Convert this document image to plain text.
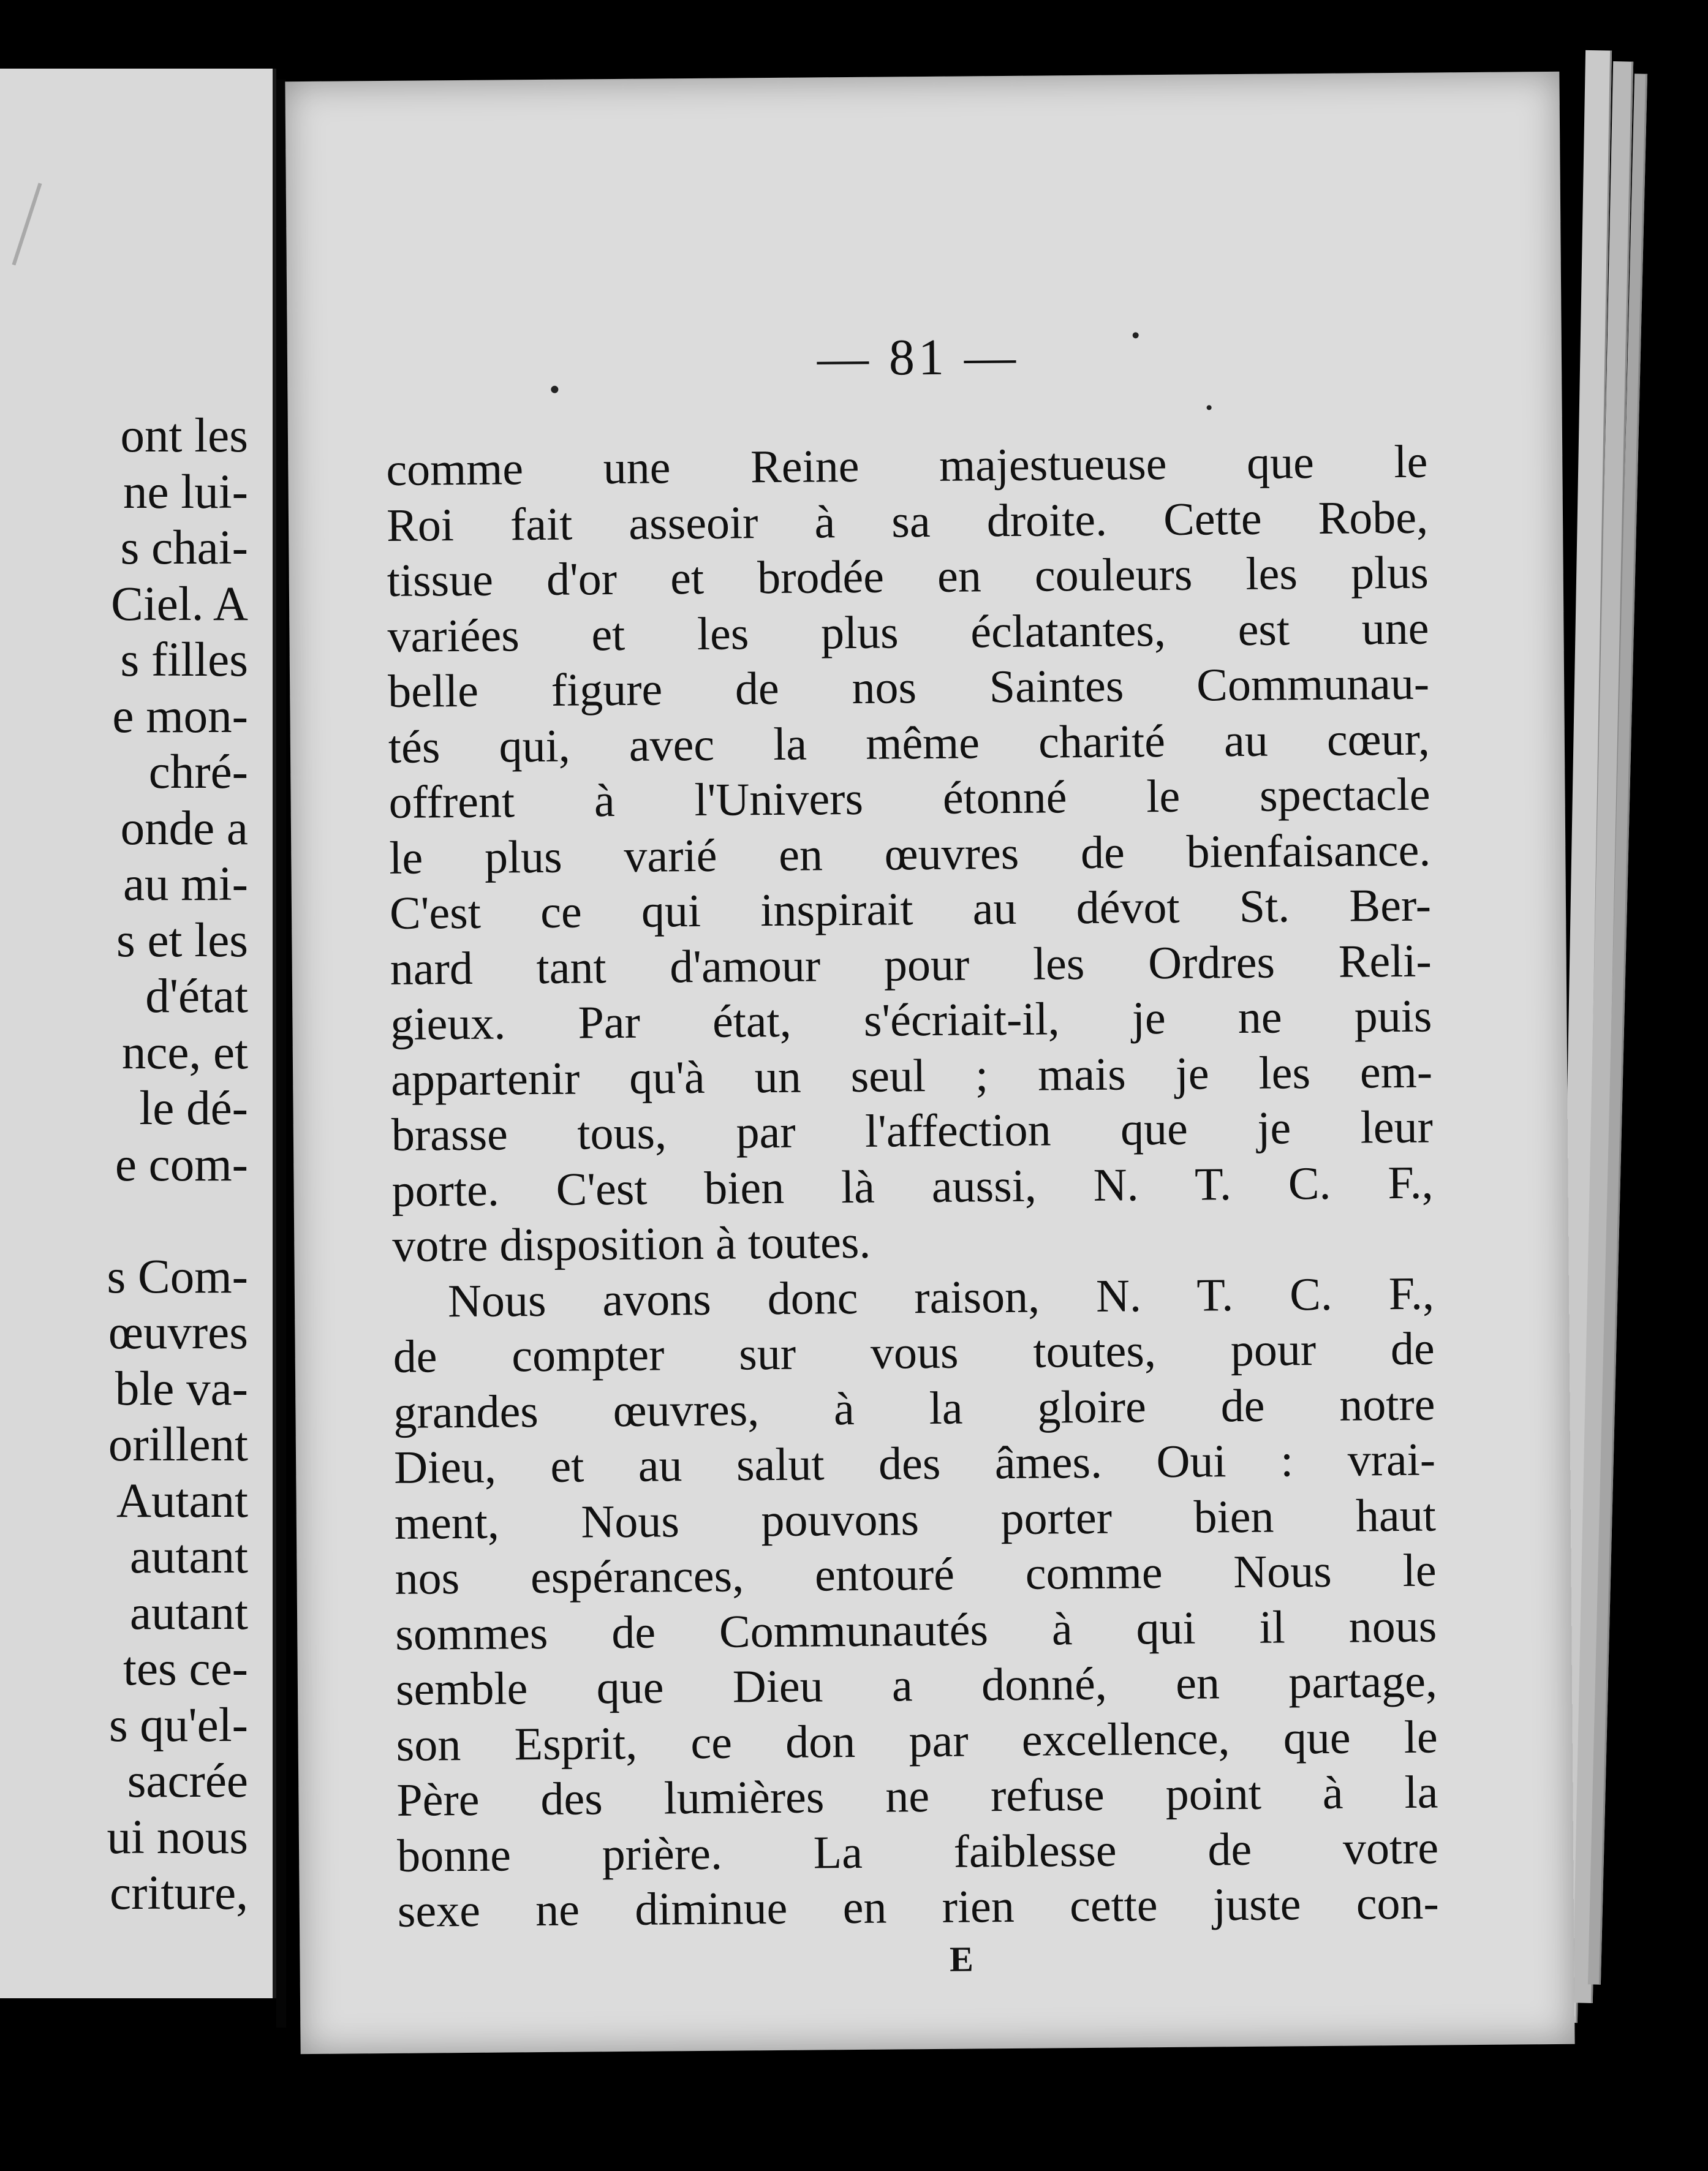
ont les
ne lui-
s chai-
Ciel. A
s filles
e mon-
chré-
onde a
au mi-
s et les
d'état
nce, et
le dé-
e com-
s Com-
œuvres
ble va-
orillent
Autant
autant
autant
tes ce-
s qu'el-
sacrée
ui nous
criture,
— 81 —
comme une Reine majestueuse que le
Roi fait asseoir à sa droite. Cette Robe,
tissue d'or et brodée en couleurs les plus
variées et les plus éclatantes, est une
belle figure de nos Saintes Communau-
tés qui, avec la même charité au cœur,
offrent à l'Univers étonné le spectacle
le plus varié en œuvres de bienfaisance.
C'est ce qui inspirait au dévot St. Ber-
nard tant d'amour pour les Ordres Reli-
gieux. Par état, s'écriait-il, je ne puis
appartenir qu'à un seul ; mais je les em-
brasse tous, par l'affection que je leur
porte. C'est bien là aussi, N. T. C. F.,
votre disposition à toutes.
Nous avons donc raison, N. T. C. F.,
de compter sur vous toutes, pour de
grandes œuvres, à la gloire de notre
Dieu, et au salut des âmes. Oui : vrai-
ment, Nous pouvons porter bien haut
nos espérances, entouré comme Nous le
sommes de Communautés à qui il nous
semble que Dieu a donné, en partage,
son Esprit, ce don par excellence, que le
Père des lumières ne refuse point à la
bonne prière. La faiblesse de votre
sexe ne diminue en rien cette juste con-
E
